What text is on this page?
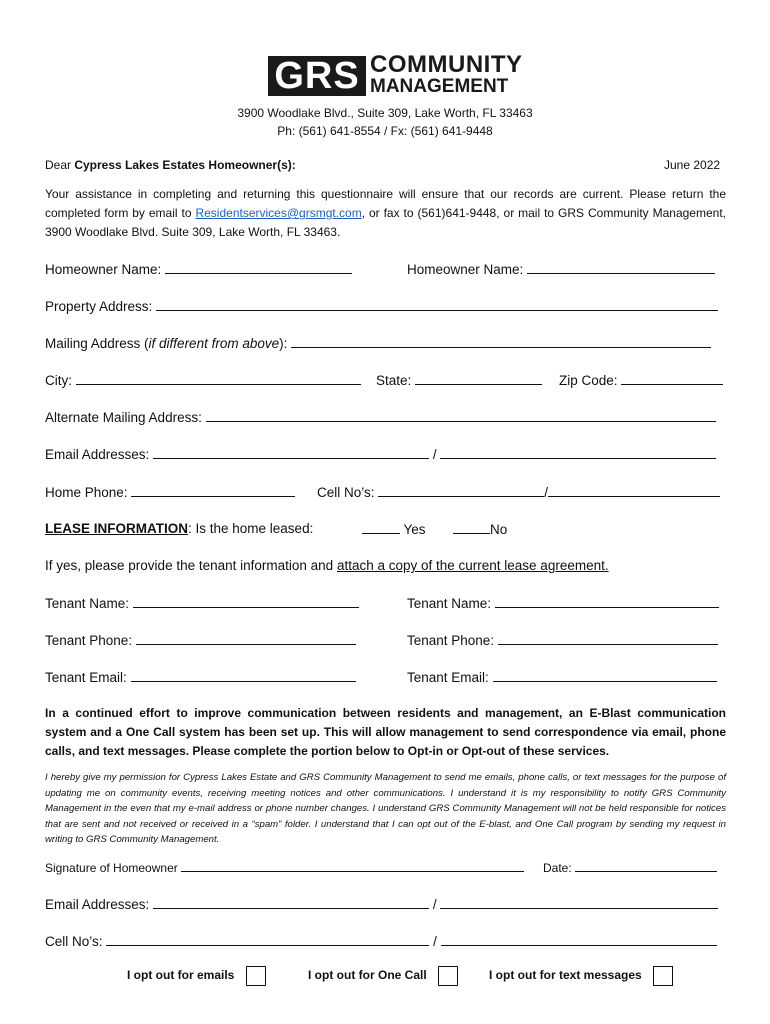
GRS COMMUNITY
MANAGEMENT
3900 Woodlake Blvd., Suite 309, Lake Worth, FL 33463
Ph: (561) 641-8554 / Fx: (561) 641-9448
Dear Cypress Lakes Estates Homeowner(s):	June 2022
Your assistance in completing and returning this questionnaire will ensure that our records are current. Please return the completed form by email to Residentservices@grsmgt.com, or fax to (561)641-9448, or mail to GRS Community Management, 3900 Woodlake Blvd. Suite 309, Lake Worth, FL 33463.
Homeowner Name:	Homeowner Name:
Property Address:
Mailing Address (if different from above):
City:	State:	Zip Code:
Alternate Mailing Address:
Email Addresses:	/
Home Phone:	Cell No’s:	/
LEASE INFORMATION: Is the home leased:	Yes	No
If yes, please provide the tenant information and attach a copy of the current lease agreement.
Tenant Name:	Tenant Name:
Tenant Phone:	Tenant Phone:
Tenant Email:	Tenant Email:
In a continued effort to improve communication between residents and management, an E-Blast communication system and a One Call system has been set up. This will allow management to send correspondence via email, phone calls, and text messages. Please complete the portion below to Opt-in or Opt-out of these services.
I hereby give my permission for Cypress Lakes Estate and GRS Community Management to send me emails, phone calls, or text messages for the purpose of updating me on community events, receiving meeting notices and other communications. I understand it is my responsibility to notify GRS Community Management in the even that my e-mail address or phone number changes. I understand GRS Community Management will not be held responsible for notices that are sent and not received or received in a “spam” folder. I understand that I can opt out of the E-blast, and One Call program by sending my request in writing to GRS Community Management.
Signature of Homeowner	Date:
Email Addresses:	/
Cell No’s:	/
I opt out for emails	I opt out for One Call	I opt out for text messages
